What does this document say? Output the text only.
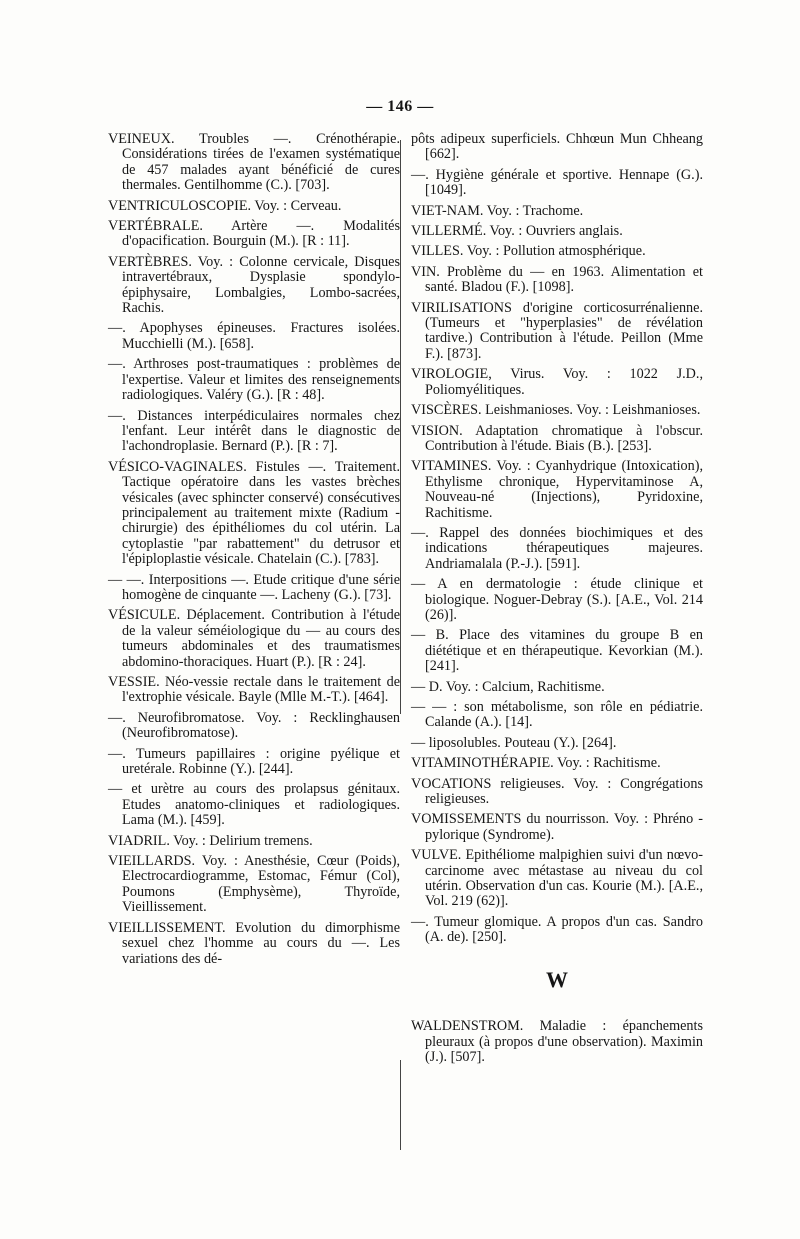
— 146 —

VEINEUX. Troubles —. Crénothérapie. Considérations tirées de l'examen systématique de 457 malades ayant bénéficié de cures thermales. Gentilhomme (C.). [703].

VENTRICULOSCOPIE. Voy. : Cerveau.

VERTÉBRALE. Artère —. Modalités d'opacification. Bourguin (M.). [R : 11].

VERTÈBRES. Voy. : Colonne cervicale, Disques intravertébraux, Dysplasie spondylo-épiphysaire, Lombalgies, Lombo-sacrées, Rachis.

—. Apophyses épineuses. Fractures isolées. Mucchielli (M.). [658].

—. Arthroses post-traumatiques : problèmes de l'expertise. Valeur et limites des renseignements radiologiques. Valéry (G.). [R : 48].

—. Distances interpédiculaires normales chez l'enfant. Leur intérêt dans le diagnostic de l'achondroplasie. Bernard (P.). [R : 7].

VÉSICO-VAGINALES. Fistules —. Traitement. Tactique opératoire dans les vastes brèches vésicales (avec sphincter conservé) consécutives principalement au traitement mixte (Radium - chirurgie) des épithéliomes du col utérin. La cytoplastie "par rabattement" du detrusor et l'épiploplastie vésicale. Chatelain (C.). [783].

— —. Interpositions —. Etude critique d'une série homogène de cinquante —. Lacheny (G.). [73].

VÉSICULE. Déplacement. Contribution à l'étude de la valeur séméiologique du — au cours des tumeurs abdominales et des traumatismes abdomino-thoraciques. Huart (P.). [R : 24].

VESSIE. Néo-vessie rectale dans le traitement de l'extrophie vésicale. Bayle (Mlle M.-T.). [464].

—. Neurofibromatose. Voy. : Recklinghausen (Neurofibromatose).

—. Tumeurs papillaires : origine pyélique et uretérale. Robinne (Y.). [244].

— et urètre au cours des prolapsus génitaux. Etudes anatomo-cliniques et radiologiques. Lama (M.). [459].

VIADRIL. Voy. : Delirium tremens.

VIEILLARDS. Voy. : Anesthésie, Cœur (Poids), Electrocardiogramme, Estomac, Fémur (Col), Poumons (Emphysème), Thyroïde, Vieillissement.

VIEILLISSEMENT. Evolution du dimorphisme sexuel chez l'homme au cours du —. Les variations des dé-

pôts adipeux superficiels. Chhœun Mun Chheang [662].

—. Hygiène générale et sportive. Hennape (G.). [1049].

VIET-NAM. Voy. : Trachome.

VILLERMÉ. Voy. : Ouvriers anglais.

VILLES. Voy. : Pollution atmosphérique.

VIN. Problème du — en 1963. Alimentation et santé. Bladou (F.). [1098].

VIRILISATIONS d'origine corticosurrénalienne. (Tumeurs et "hyperplasies" de révélation tardive.) Contribution à l'étude. Peillon (Mme F.). [873].

VIROLOGIE, Virus. Voy. : 1022 J.D., Poliomyélitiques.

VISCÈRES. Leishmanioses. Voy. : Leishmanioses.

VISION. Adaptation chromatique à l'obscur. Contribution à l'étude. Biais (B.). [253].

VITAMINES. Voy. : Cyanhydrique (Intoxication), Ethylisme chronique, Hypervitaminose A, Nouveau-né (Injections), Pyridoxine, Rachitisme.

—. Rappel des données biochimiques et des indications thérapeutiques majeures. Andriamalala (P.-J.). [591].

— A en dermatologie : étude clinique et biologique. Noguer-Debray (S.). [A.E., Vol. 214 (26)].

— B. Place des vitamines du groupe B en diététique et en thérapeutique. Kevorkian (M.). [241].

— D. Voy. : Calcium, Rachitisme.

— — : son métabolisme, son rôle en pédiatrie. Calande (A.). [14].

— liposolubles. Pouteau (Y.). [264].

VITAMINOTHÉRAPIE. Voy. : Rachitisme.

VOCATIONS religieuses. Voy. : Congrégations religieuses.

VOMISSEMENTS du nourrisson. Voy. : Phréno - pylorique (Syndrome).

VULVE. Epithéliome malpighien suivi d'un nœvo-carcinome avec métastase au niveau du col utérin. Observation d'un cas. Kourie (M.). [A.E., Vol. 219 (62)].

—. Tumeur glomique. A propos d'un cas. Sandro (A. de). [250].

W

WALDENSTROM. Maladie : épanchements pleuraux (à propos d'une observation). Maximin (J.). [507].
